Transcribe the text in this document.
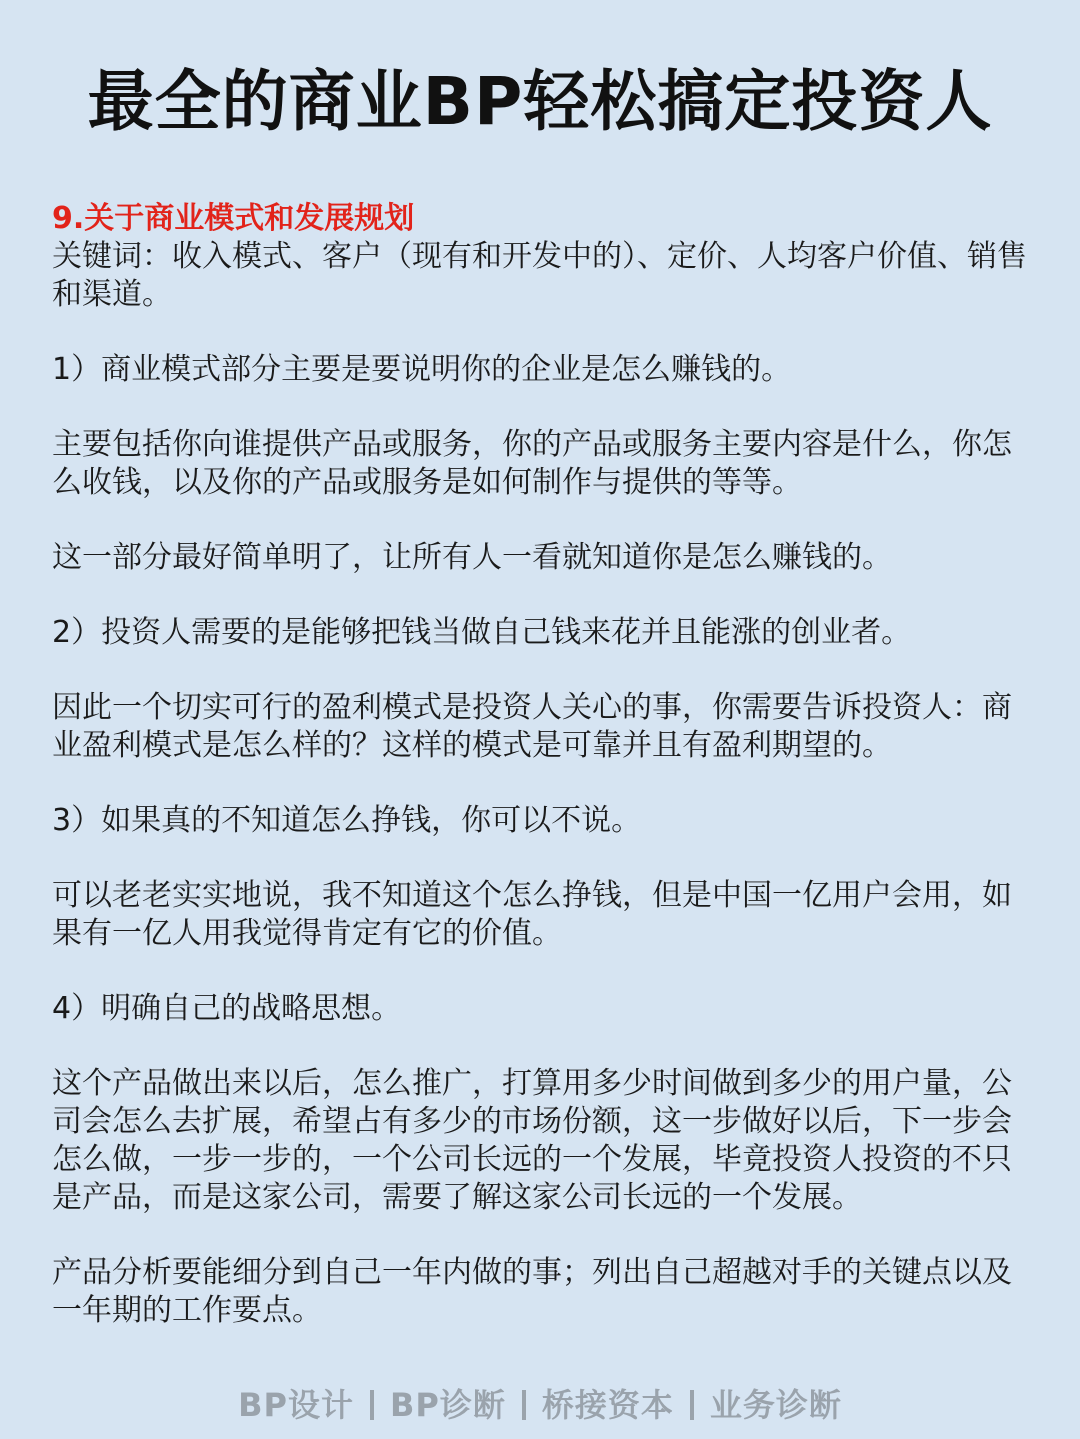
最全的商业BP轻松搞定投资人

9.关于商业模式和发展规划

关键词：收入模式、客户（现有和开发中的）、定价、人均客户价值、销售和渠道。

1）商业模式部分主要是要说明你的企业是怎么赚钱的。

主要包括你向谁提供产品或服务，你的产品或服务主要内容是什么，你怎么收钱，以及你的产品或服务是如何制作与提供的等等。

这一部分最好简单明了，让所有人一看就知道你是怎么赚钱的。

2）投资人需要的是能够把钱当做自己钱来花并且能涨的创业者。

因此一个切实可行的盈利模式是投资人关心的事，你需要告诉投资人：商业盈利模式是怎么样的？这样的模式是可靠并且有盈利期望的。

3）如果真的不知道怎么挣钱，你可以不说。

可以老老实实地说，我不知道这个怎么挣钱，但是中国一亿用户会用，如果有一亿人用我觉得肯定有它的价值。

4）明确自己的战略思想。

这个产品做出来以后，怎么推广，打算用多少时间做到多少的用户量，公司会怎么去扩展，希望占有多少的市场份额，这一步做好以后，下一步会怎么做，一步一步的，一个公司长远的一个发展，毕竟投资人投资的不只是产品，而是这家公司，需要了解这家公司长远的一个发展。

产品分析要能细分到自己一年内做的事；列出自己超越对手的关键点以及一年期的工作要点。

BP设计 BP诊断 桥接资本 业务诊断
